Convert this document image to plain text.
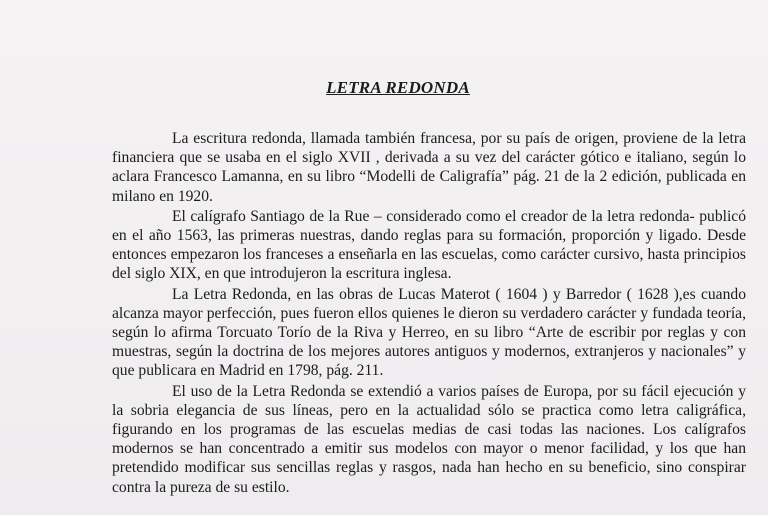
LETRA REDONDA

La escritura redonda, llamada también francesa, por su país de origen, proviene de la letra financiera que se usaba en el siglo XVII , derivada a su vez del carácter gótico e italiano, según lo aclara Francesco Lamanna, en su libro “Modelli de Caligrafía” pág. 21 de la 2 edición, publicada en milano en 1920.

El calígrafo Santiago de la Rue – considerado como el creador de la letra redonda- publicó en el año 1563, las primeras nuestras, dando reglas para su formación, proporción y ligado. Desde entonces empezaron los franceses a enseñarla en las escuelas, como carácter cursivo, hasta principios del siglo XIX, en que introdujeron la escritura inglesa.

La Letra Redonda, en las obras de Lucas Materot ( 1604 ) y Barredor ( 1628 ),es cuando alcanza mayor perfección, pues fueron ellos quienes le dieron su verdadero carácter y fundada teoría, según lo afirma Torcuato Torío de la Riva y Herreo, en su libro “Arte de escribir por reglas y con muestras, según la doctrina de los mejores autores antiguos y modernos, extranjeros y nacionales” y que publicara en Madrid en 1798, pág. 211.

El uso de la Letra Redonda se extendió a varios países de Europa, por su fácil ejecución y la sobria elegancia de sus líneas, pero en la actualidad sólo se practica como letra caligráfica, figurando en los programas de las escuelas medias de casi todas las naciones. Los calígrafos modernos se han concentrado a emitir sus modelos con mayor o menor facilidad, y los que han pretendido modificar sus sencillas reglas y rasgos, nada han hecho en su beneficio, sino conspirar contra la pureza de su estilo.
